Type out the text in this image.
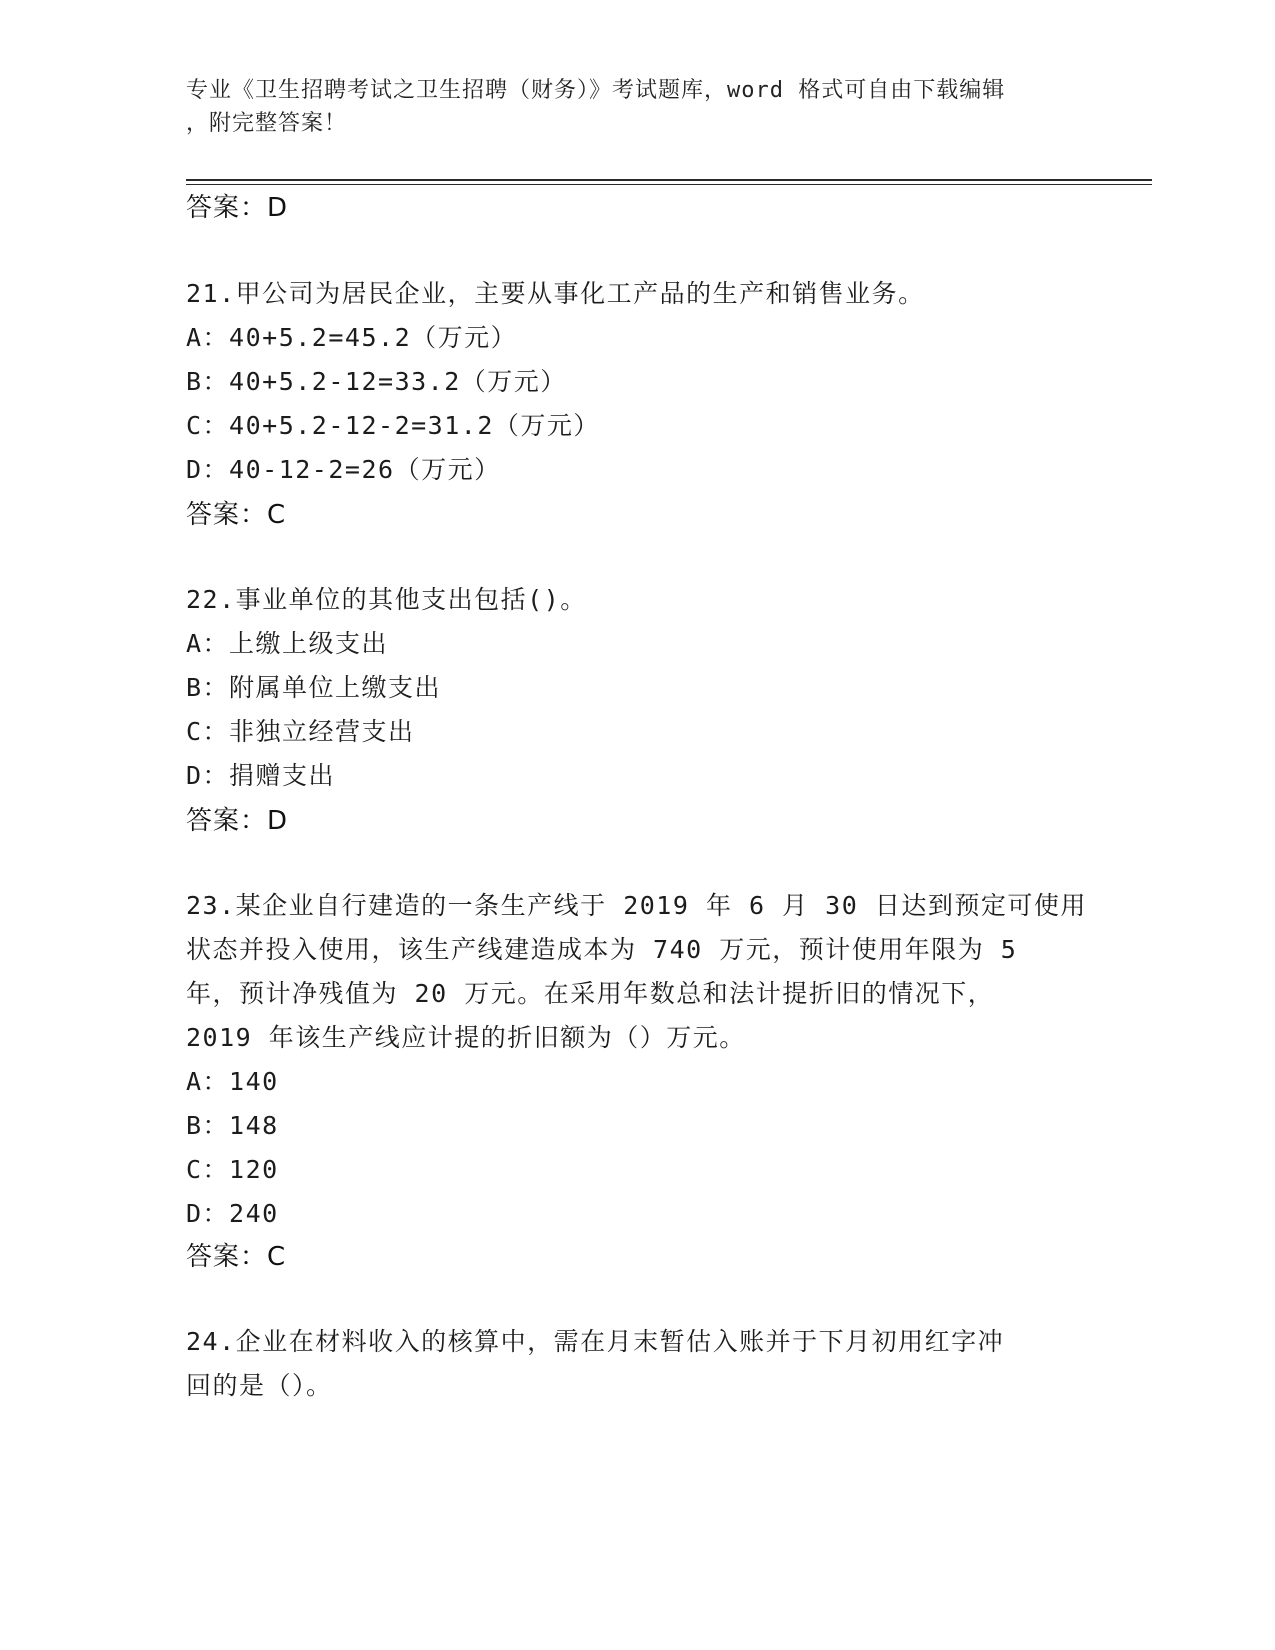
专业《卫生招聘考试之卫生招聘（财务）》考试题库，word 格式可自由下载编辑
，附完整答案！
答案：D
21.甲公司为居民企业，主要从事化工产品的生产和销售业务。
A：40+5.2=45.2（万元）
B：40+5.2-12=33.2（万元）
C：40+5.2-12-2=31.2（万元）
D：40-12-2=26（万元）
答案：C
22.事业单位的其他支出包括()。
A：上缴上级支出
B：附属单位上缴支出
C：非独立经营支出
D：捐赠支出
答案：D
23.某企业自行建造的一条生产线于 2019 年 6 月 30 日达到预定可使用
状态并投入使用，该生产线建造成本为 740 万元，预计使用年限为 5
年，预计净残值为 20 万元。在采用年数总和法计提折旧的情况下，
2019 年该生产线应计提的折旧额为（）万元。
A：140
B：148
C：120
D：240
答案：C
24.企业在材料收入的核算中，需在月末暂估入账并于下月初用红字冲
回的是（）。
